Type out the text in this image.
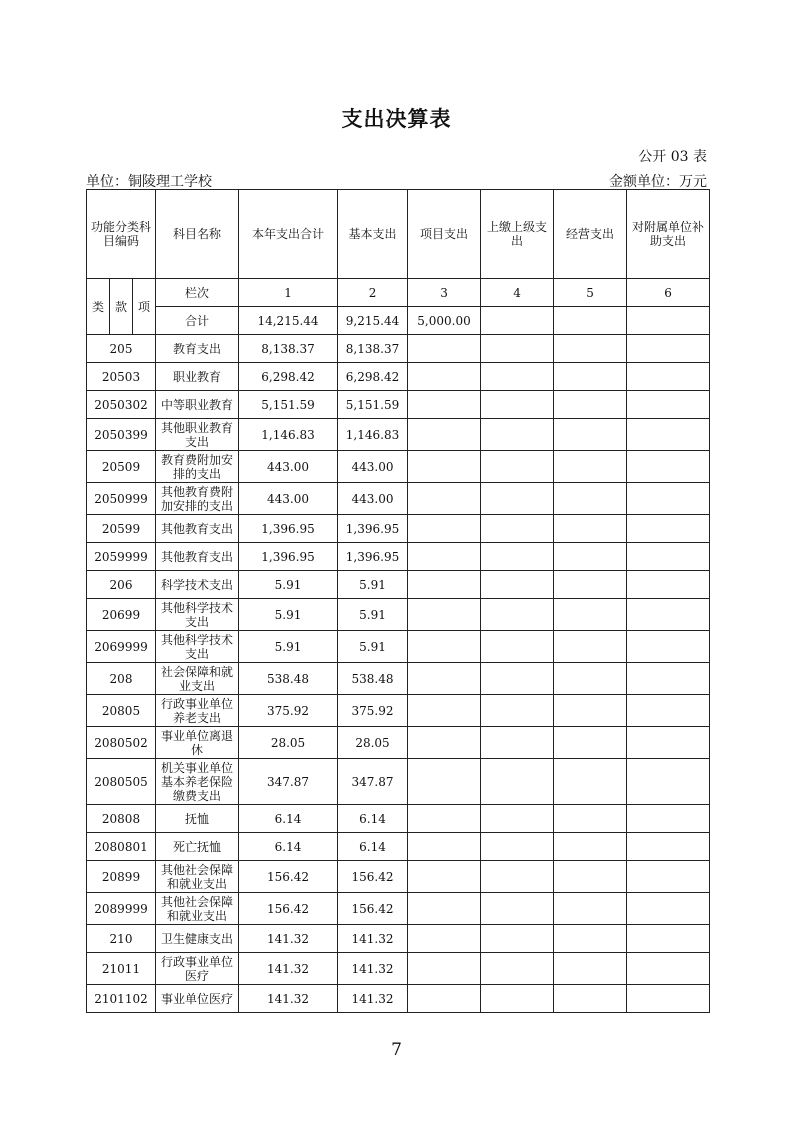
支出决算表
公开 03 表
单位：铜陵理工学校	金额单位：万元
功能分类科目编码			科目名称	本年支出合计	基本支出	项目支出	上缴上级支出	经营支出	对附属单位补助支出
类	款	项	栏次	1	2	3	4	5	6
			合计	14,215.44	9,215.44	5,000.00			
205			教育支出	8,138.37	8,138.37				
20503			职业教育	6,298.42	6,298.42				
2050302			中等职业教育	5,151.59	5,151.59				
2050399			其他职业教育支出	1,146.83	1,146.83				
20509			教育费附加安排的支出	443.00	443.00				
2050999			其他教育费附加安排的支出	443.00	443.00				
20599			其他教育支出	1,396.95	1,396.95				
2059999			其他教育支出	1,396.95	1,396.95				
206			科学技术支出	5.91	5.91				
20699			其他科学技术支出	5.91	5.91				
2069999			其他科学技术支出	5.91	5.91				
208			社会保障和就业支出	538.48	538.48				
20805			行政事业单位养老支出	375.92	375.92				
2080502			事业单位离退休	28.05	28.05				
2080505			机关事业单位基本养老保险缴费支出	347.87	347.87				
20808			抚恤	6.14	6.14				
2080801			死亡抚恤	6.14	6.14				
20899			其他社会保障和就业支出	156.42	156.42				
2089999			其他社会保障和就业支出	156.42	156.42				
210			卫生健康支出	141.32	141.32				
21011			行政事业单位医疗	141.32	141.32				
2101102			事业单位医疗	141.32	141.32				
7
